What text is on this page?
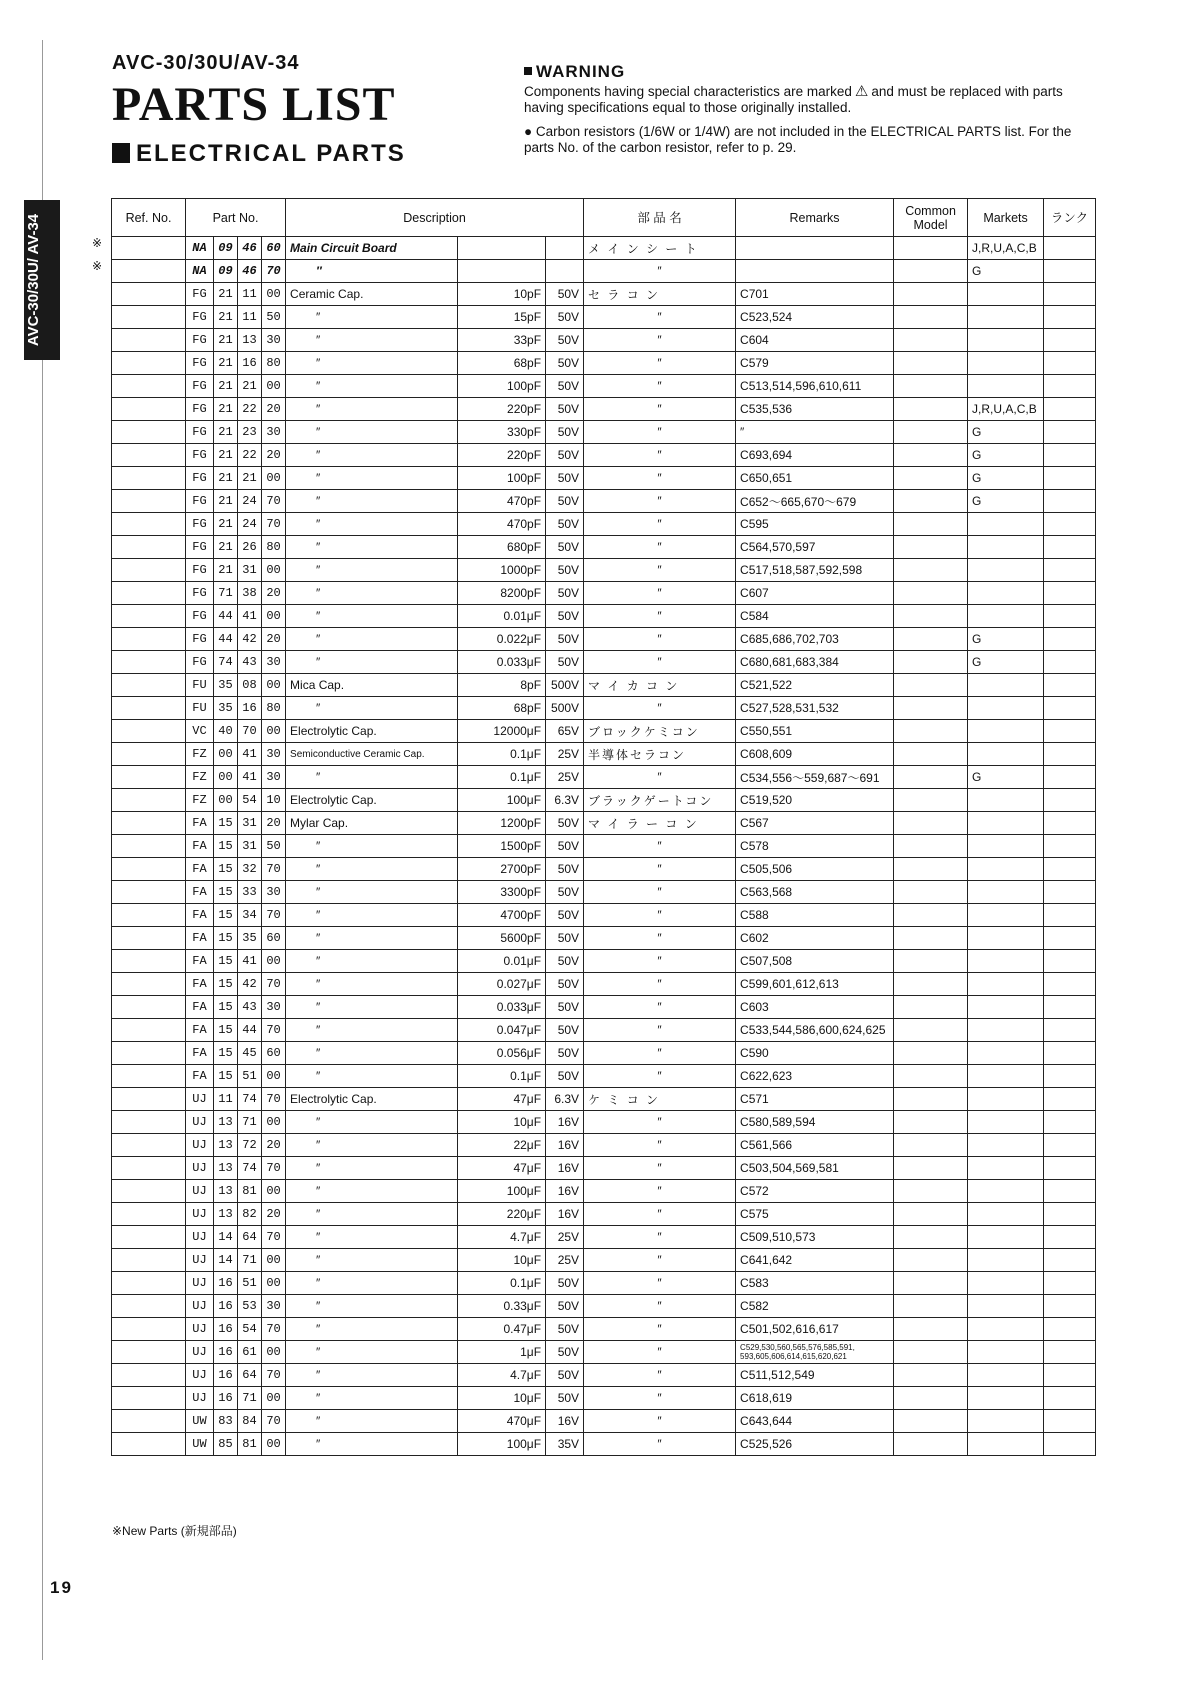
AVC-30/30U/ AV-34
AVC-30/30U/AV-34
PARTS LIST
ELECTRICAL PARTS
WARNING
Components having special characteristics are marked ⚠ and must be replaced with parts having specifications equal to those originally installed.
● Carbon resistors (1/6W or 1/4W) are not included in the ELECTRICAL PARTS list. For the parts No. of the carbon resistor, refer to p. 29.
Ref. No.	Part No.				Description			部 品 名	Remarks	Common Model	Markets	ランク
	NA	09	46	60	Main Circuit Board			メ イ ン シ ー ト			J,R,U,A,C,B	
	NA	09	46	70	″			″			G	
	FG	21	11	00	Ceramic Cap.	10pF	50V	セ ラ コ ン	C701			
	FG	21	11	50	″	15pF	50V	″	C523,524			
	FG	21	13	30	″	33pF	50V	″	C604			
	FG	21	16	80	″	68pF	50V	″	C579			
	FG	21	21	00	″	100pF	50V	″	C513,514,596,610,611			
	FG	21	22	20	″	220pF	50V	″	C535,536		J,R,U,A,C,B	
	FG	21	23	30	″	330pF	50V	″	″		G	
	FG	21	22	20	″	220pF	50V	″	C693,694		G	
	FG	21	21	00	″	100pF	50V	″	C650,651		G	
	FG	21	24	70	″	470pF	50V	″	C652〜665,670〜679		G	
	FG	21	24	70	″	470pF	50V	″	C595			
	FG	21	26	80	″	680pF	50V	″	C564,570,597			
	FG	21	31	00	″	1000pF	50V	″	C517,518,587,592,598			
	FG	71	38	20	″	8200pF	50V	″	C607			
	FG	44	41	00	″	0.01μF	50V	″	C584			
	FG	44	42	20	″	0.022μF	50V	″	C685,686,702,703		G	
	FG	74	43	30	″	0.033μF	50V	″	C680,681,683,384		G	
	FU	35	08	00	Mica Cap.	8pF	500V	マ イ カ コ ン	C521,522			
	FU	35	16	80	″	68pF	500V	″	C527,528,531,532			
	VC	40	70	00	Electrolytic Cap.	12000μF	65V	ブロックケミコン	C550,551			
	FZ	00	41	30	Semiconductive Ceramic Cap.	0.1μF	25V	半導体セラコン	C608,609			
	FZ	00	41	30	″	0.1μF	25V	″	C534,556〜559,687〜691		G	
	FZ	00	54	10	Electrolytic Cap.	100μF	6.3V	ブラックゲートコン	C519,520			
	FA	15	31	20	Mylar Cap.	1200pF	50V	マ イ ラ ー コ ン	C567			
	FA	15	31	50	″	1500pF	50V	″	C578			
	FA	15	32	70	″	2700pF	50V	″	C505,506			
	FA	15	33	30	″	3300pF	50V	″	C563,568			
	FA	15	34	70	″	4700pF	50V	″	C588			
	FA	15	35	60	″	5600pF	50V	″	C602			
	FA	15	41	00	″	0.01μF	50V	″	C507,508			
	FA	15	42	70	″	0.027μF	50V	″	C599,601,612,613			
	FA	15	43	30	″	0.033μF	50V	″	C603			
	FA	15	44	70	″	0.047μF	50V	″	C533,544,586,600,624,625			
	FA	15	45	60	″	0.056μF	50V	″	C590			
	FA	15	51	00	″	0.1μF	50V	″	C622,623			
	UJ	11	74	70	Electrolytic Cap.	47μF	6.3V	ケ ミ コ ン	C571			
	UJ	13	71	00	″	10μF	16V	″	C580,589,594			
	UJ	13	72	20	″	22μF	16V	″	C561,566			
	UJ	13	74	70	″	47μF	16V	″	C503,504,569,581			
	UJ	13	81	00	″	100μF	16V	″	C572			
	UJ	13	82	20	″	220μF	16V	″	C575			
	UJ	14	64	70	″	4.7μF	25V	″	C509,510,573			
	UJ	14	71	00	″	10μF	25V	″	C641,642			
	UJ	16	51	00	″	0.1μF	50V	″	C583			
	UJ	16	53	30	″	0.33μF	50V	″	C582			
	UJ	16	54	70	″	0.47μF	50V	″	C501,502,616,617			
	UJ	16	61	00	″	1μF	50V	″	C529,530,560,565,576,585,591, 593,605,606,614,615,620,621			
	UJ	16	64	70	″	4.7μF	50V	″	C511,512,549			
	UJ	16	71	00	″	10μF	50V	″	C618,619			
	UW	83	84	70	″	470μF	16V	″	C643,644			
	UW	85	81	00	″	100μF	35V	″	C525,526			
※
※
※New Parts (新規部品)
19
